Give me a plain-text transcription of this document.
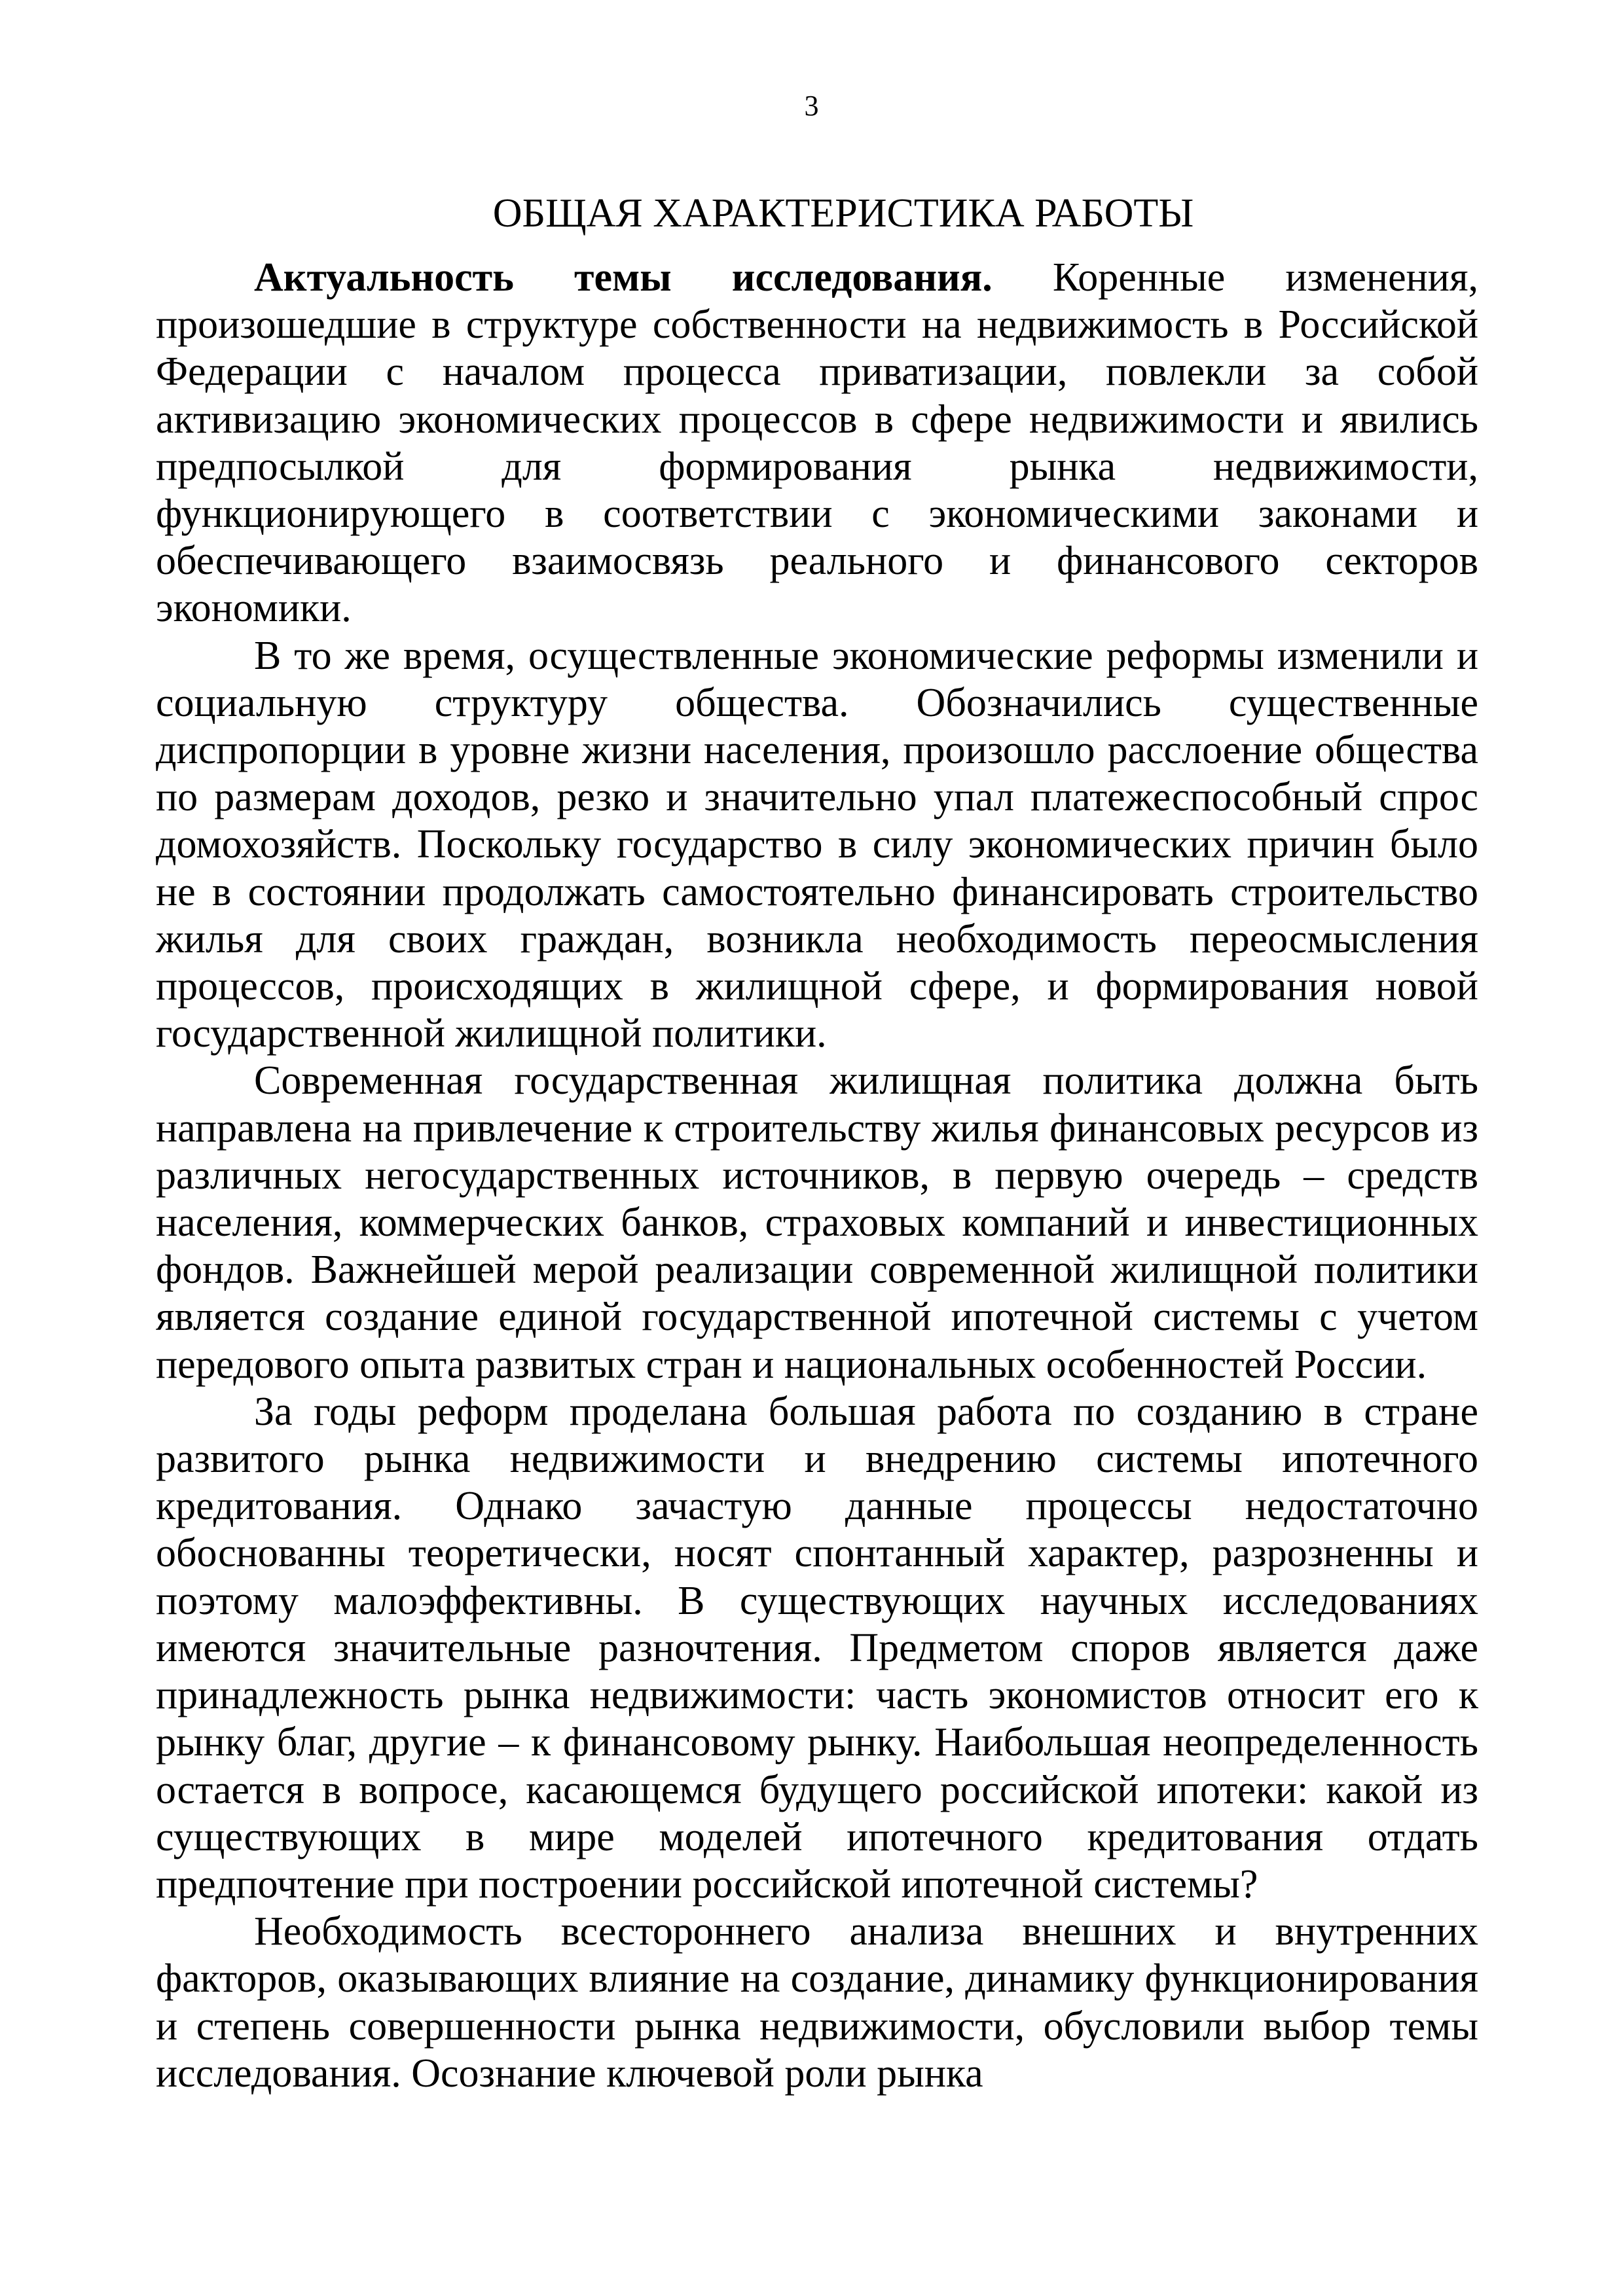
3
ОБЩАЯ ХАРАКТЕРИСТИКА РАБОТЫ

Актуальность темы исследования. Коренные изменения, произошедшие в структуре собственности на недвижимость в Российской Федерации с началом процесса приватизации, повлекли за собой активизацию экономических процессов в сфере недвижимости и явились предпосылкой для формирования рынка недвижимости, функционирующего в соответствии с экономическими законами и обеспечивающего взаимосвязь реального и финансового секторов экономики.

В то же время, осуществленные экономические реформы изменили и социальную структуру общества. Обозначились существенные диспропорции в уровне жизни населения, произошло расслоение общества по размерам доходов, резко и значительно упал платежеспособный спрос домохозяйств. Поскольку государство в силу экономических причин было не в состоянии продолжать самостоятельно финансировать строительство жилья для своих граждан, возникла необходимость переосмысления процессов, происходящих в жилищной сфере, и формирования новой государственной жилищной политики.

Современная государственная жилищная политика должна быть направлена на привлечение к строительству жилья финансовых ресурсов из различных негосударственных источников, в первую очередь – средств населения, коммерческих банков, страховых компаний и инвестиционных фондов. Важнейшей мерой реализации современной жилищной политики является создание единой государственной ипотечной системы с учетом передового опыта развитых стран и национальных особенностей России.

За годы реформ проделана большая работа по созданию в стране развитого рынка недвижимости и внедрению системы ипотечного кредитования. Однако зачастую данные процессы недостаточно обоснованны теоретически, носят спонтанный характер, разрозненны и поэтому малоэффективны. В существующих научных исследованиях имеются значительные разночтения. Предметом споров является даже принадлежность рынка недвижимости: часть экономистов относит его к рынку благ, другие – к финансовому рынку. Наибольшая неопределенность остается в вопросе, касающемся будущего российской ипотеки: какой из существующих в мире моделей ипотечного кредитования отдать предпочтение при построении российской ипотечной системы?

Необходимость всестороннего анализа внешних и внутренних факторов, оказывающих влияние на создание, динамику функционирования и степень совершенности рынка недвижимости, обусловили выбор темы исследования. Осознание ключевой роли рынка
